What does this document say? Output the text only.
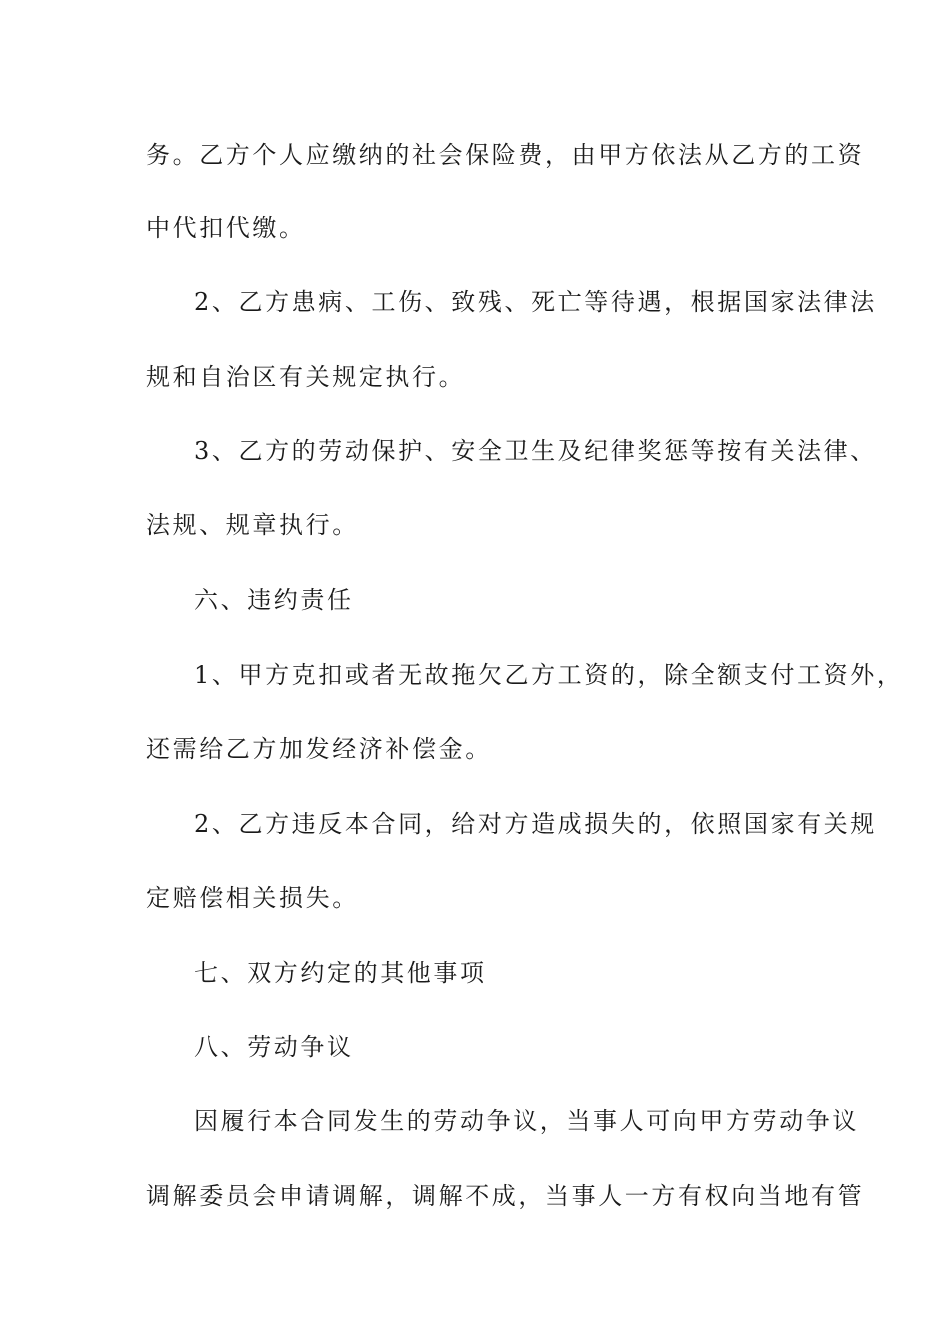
务。乙方个人应缴纳的社会保险费，由甲方依法从乙方的工资
中代扣代缴。
2、乙方患病、工伤、致残、死亡等待遇，根据国家法律法
规和自治区有关规定执行。
3、乙方的劳动保护、安全卫生及纪律奖惩等按有关法律、
法规、规章执行。
六、违约责任
1、甲方克扣或者无故拖欠乙方工资的，除全额支付工资外，
还需给乙方加发经济补偿金。
2、乙方违反本合同，给对方造成损失的，依照国家有关规
定赔偿相关损失。
七、双方约定的其他事项
八、劳动争议
因履行本合同发生的劳动争议，当事人可向甲方劳动争议
调解委员会申请调解，调解不成，当事人一方有权向当地有管
